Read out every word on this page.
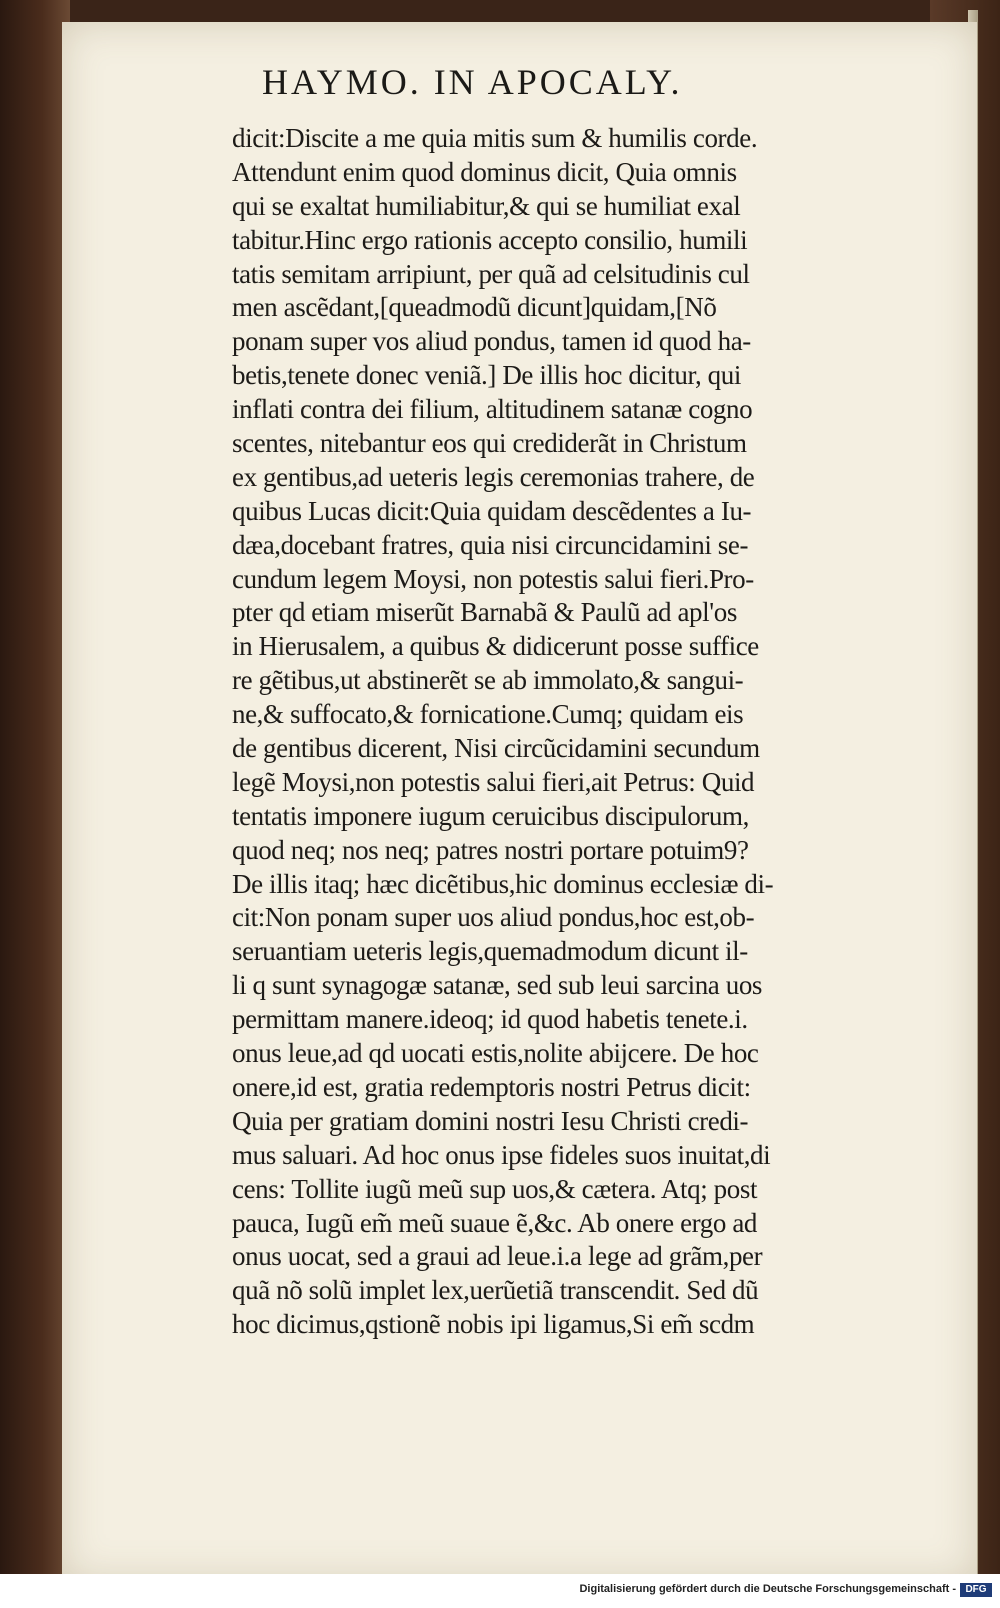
HAYMO. IN APOCALY.
dicit:Discite a me quia mitis sum & humilis corde.
Attendunt enim quod dominus dicit, Quia omnis
qui se exaltat humiliabitur,& qui se humiliat exal
tabitur.Hinc ergo rationis accepto consilio, humili
tatis semitam arripiunt, per quã ad celsitudinis cul
men ascẽdant,[queadmodũ dicunt]quidam,[Nõ
ponam super vos aliud pondus, tamen id quod ha-
betis,tenete donec veniã.] De illis hoc dicitur, qui
inflati contra dei filium, altitudinem satanæ cogno
scentes, nitebantur eos qui crediderãt in Christum
ex gentibus,ad ueteris legis ceremonias trahere, de
quibus Lucas dicit:Quia quidam descẽdentes a Iu-
dæa,docebant fratres, quia nisi circuncidamini se-
cundum legem Moysi, non potestis salui fieri.Pro-
pter qd etiam miserũt Barnabã & Paulũ ad apl'os
in Hierusalem, a quibus & didicerunt posse suffice
re gẽtibus,ut abstinerẽt se ab immolato,& sangui-
ne,& suffocato,& fornicatione.Cumq; quidam eis
de gentibus dicerent, Nisi circũcidamini secundum
legẽ Moysi,non potestis salui fieri,ait Petrus: Quid
tentatis imponere iugum ceruicibus discipulorum,
quod neq; nos neq; patres nostri portare potuim9?
De illis itaq; hæc dicẽtibus,hic dominus ecclesiæ di-
cit:Non ponam super uos aliud pondus,hoc est,ob-
seruantiam ueteris legis,quemadmodum dicunt il-
li q sunt synagogæ satanæ, sed sub leui sarcina uos
permittam manere.ideoq; id quod habetis tenete.i.
onus leue,ad qd uocati estis,nolite abijcere. De hoc
onere,id est, gratia redemptoris nostri Petrus dicit:
Quia per gratiam domini nostri Iesu Christi credi-
mus saluari. Ad hoc onus ipse fideles suos inuitat,di
cens: Tollite iugũ meũ sup uos,& cætera. Atq; post
pauca, Iugũ em̃ meũ suaue ẽ,&c. Ab onere ergo ad
onus uocat, sed a graui ad leue.i.a lege ad grãm,per
quã nõ solũ implet lex,uerũetiã transcendit. Sed dũ
hoc dicimus,qstionẽ nobis ipi ligamus,Si em̃ scdm
Digitalisierung gefördert durch die Deutsche Forschungsgemeinschaft - DFG
